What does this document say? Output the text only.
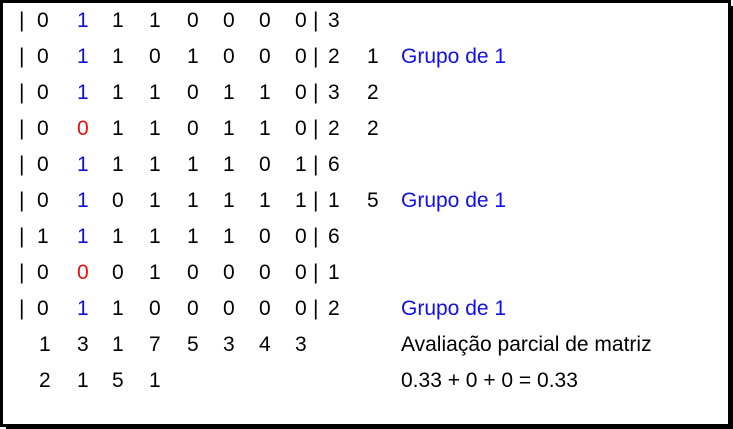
| 0 1 1 1 0 0 0 0 | 3
| 0 1 1 0 1 0 0 0 | 2 1 Grupo de 1
| 0 1 1 1 0 1 1 0 | 3 2
| 0 0 1 1 0 1 1 0 | 2 2
| 0 1 1 1 1 1 0 1 | 6
| 0 1 0 1 1 1 1 1 | 1 5 Grupo de 1
| 1 1 1 1 1 1 0 0 | 6
| 0 0 0 1 0 0 0 0 | 1
| 0 1 1 0 0 0 0 0 | 2	Grupo de 1
1 3 1 7 5 3 4 3	Avaliação parcial de matriz
2 1 5 1	0.33 + 0 + 0 = 0.33
